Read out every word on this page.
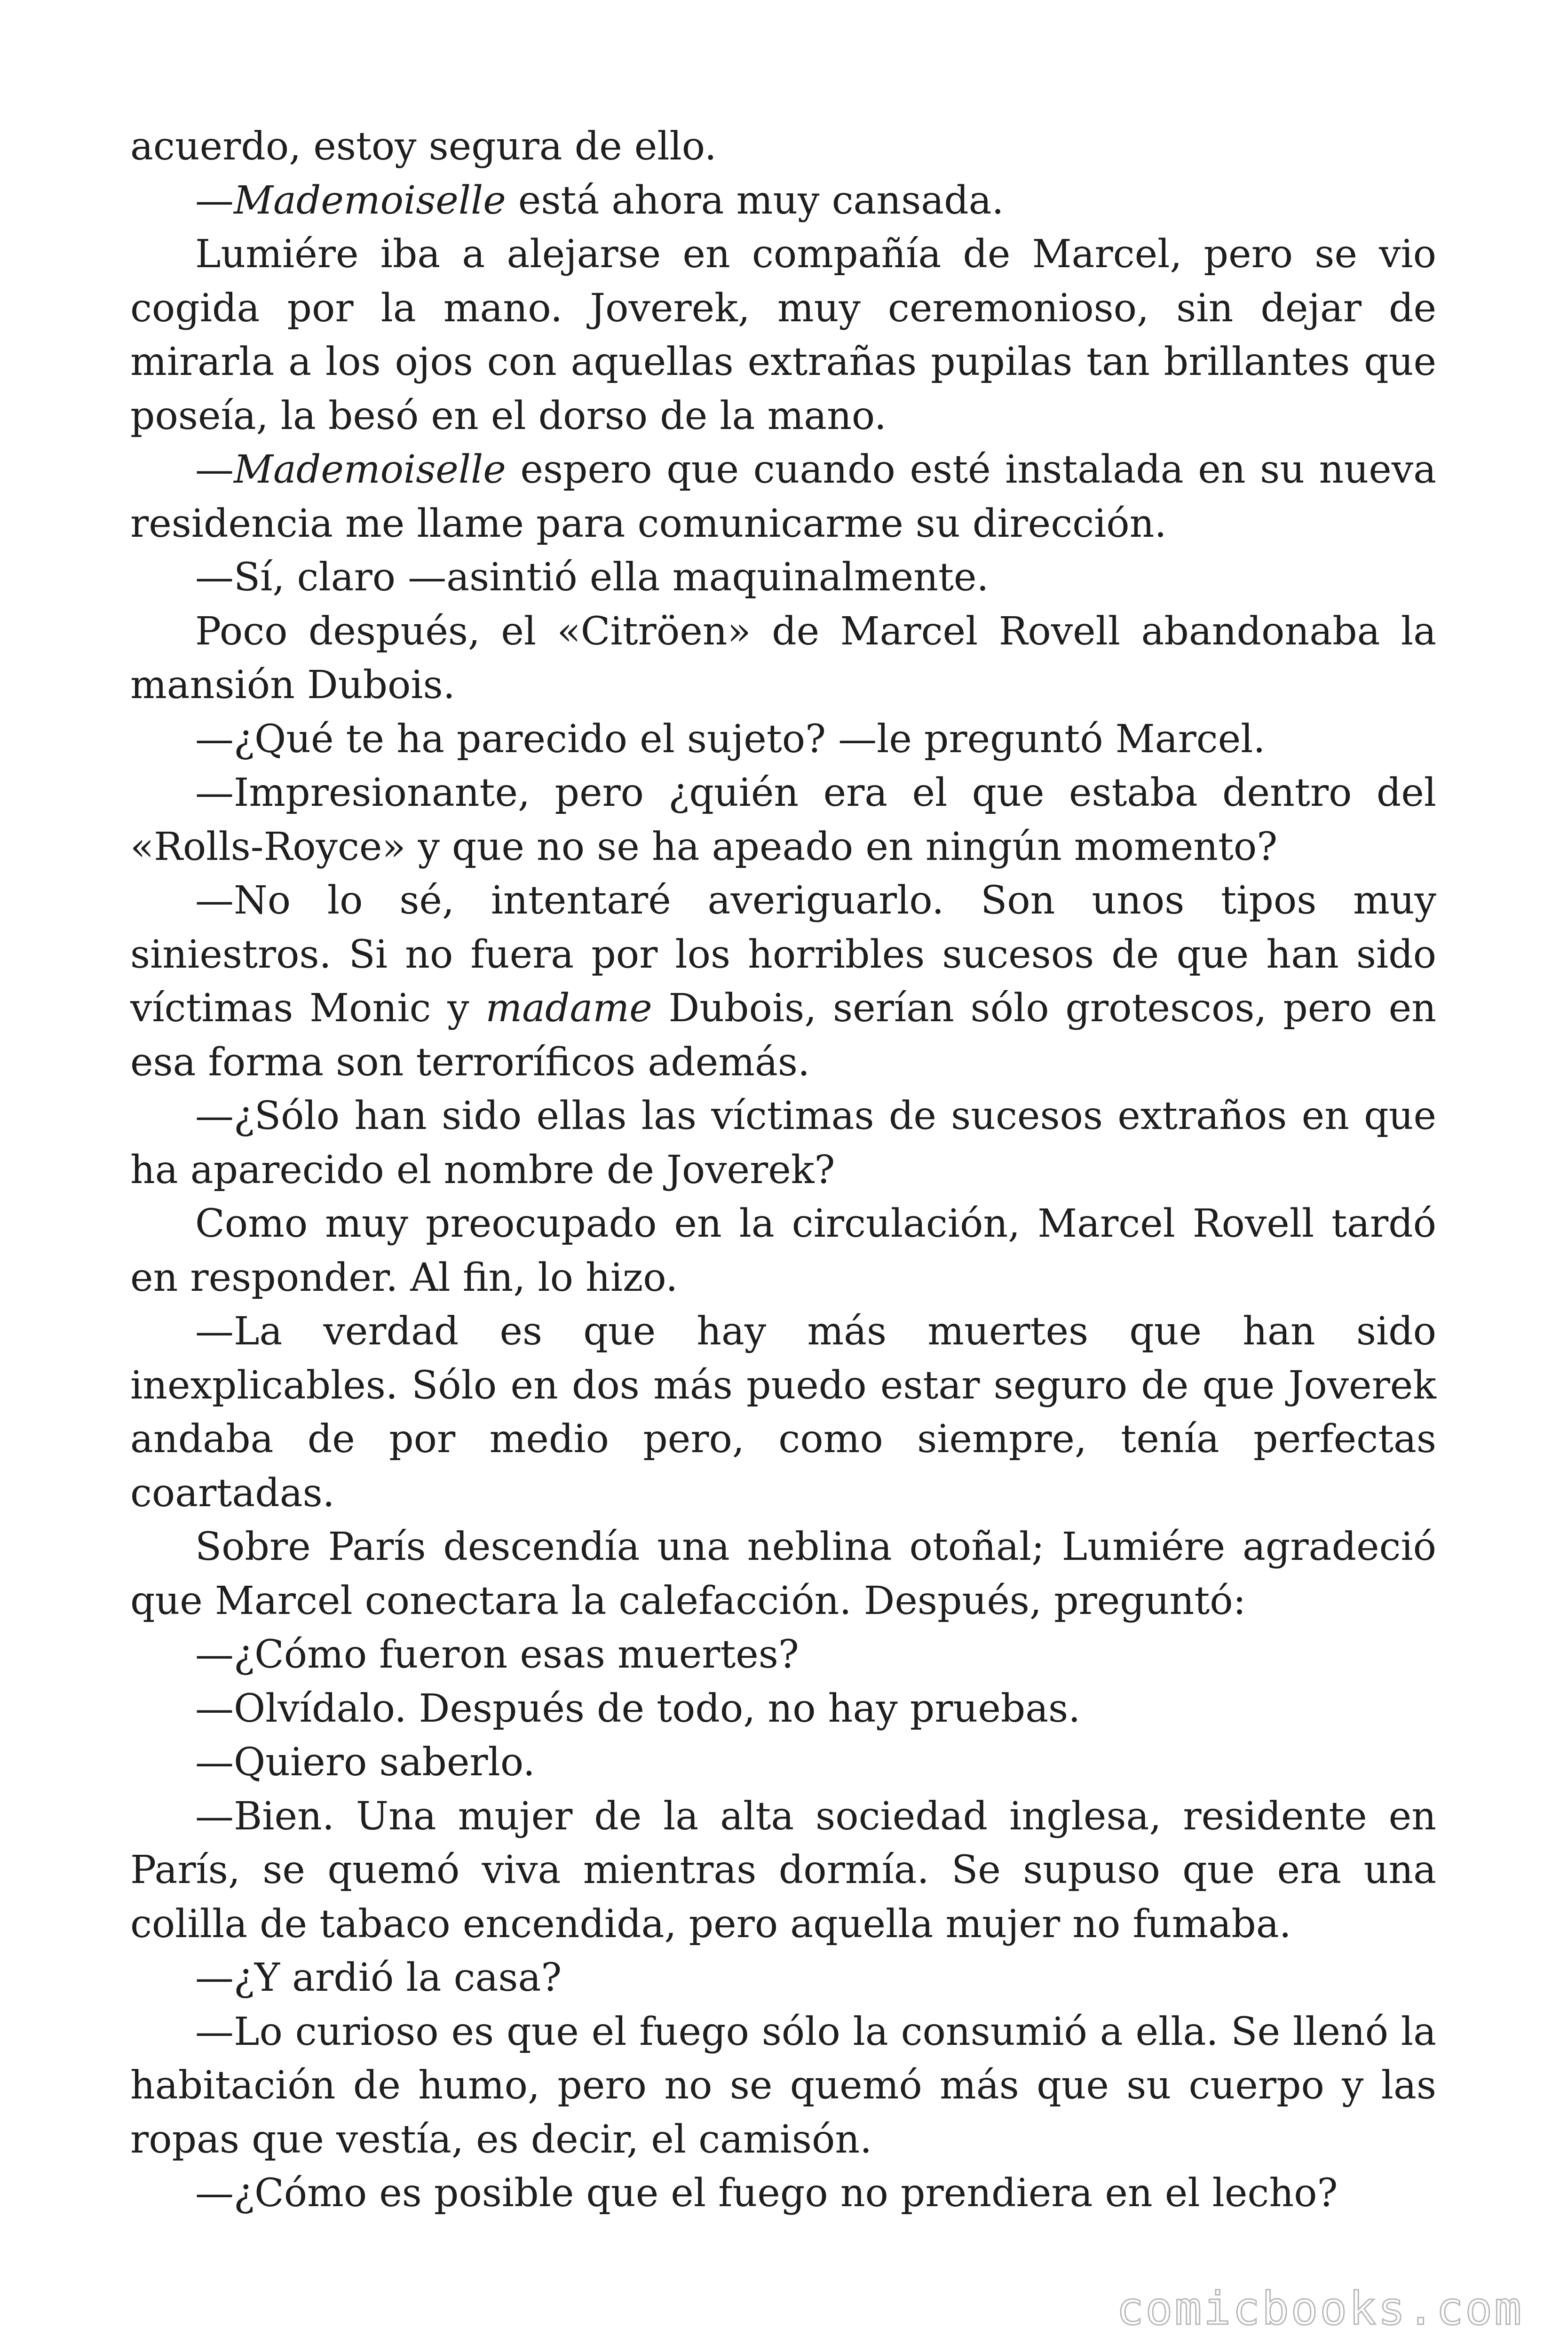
acuerdo, estoy segura de ello.

—Mademoiselle está ahora muy cansada.

Lumiére iba a alejarse en compañía de Marcel, pero se vio cogida por la mano. Joverek, muy ceremonioso, sin dejar de mirarla a los ojos con aquellas extrañas pupilas tan brillantes que poseía, la besó en el dorso de la mano.

—Mademoiselle espero que cuando esté instalada en su nueva residencia me llame para comunicarme su dirección.

—Sí, claro —asintió ella maquinalmente.

Poco después, el «Citröen» de Marcel Rovell abandonaba la mansión Dubois.

—¿Qué te ha parecido el sujeto? —le preguntó Marcel.

—Impresionante, pero ¿quién era el que estaba dentro del «Rolls-Royce» y que no se ha apeado en ningún momento?

—No lo sé, intentaré averiguarlo. Son unos tipos muy siniestros. Si no fuera por los horribles sucesos de que han sido víctimas Monic y madame Dubois, serían sólo grotescos, pero en esa forma son terroríficos además.

—¿Sólo han sido ellas las víctimas de sucesos extraños en que ha aparecido el nombre de Joverek?

Como muy preocupado en la circulación, Marcel Rovell tardó en responder. Al fin, lo hizo.

—La verdad es que hay más muertes que han sido inexplicables. Sólo en dos más puedo estar seguro de que Joverek andaba de por medio pero, como siempre, tenía perfectas coartadas.

Sobre París descendía una neblina otoñal; Lumiére agradeció que Marcel conectara la calefacción. Después, preguntó:

—¿Cómo fueron esas muertes?

—Olvídalo. Después de todo, no hay pruebas.

—Quiero saberlo.

—Bien. Una mujer de la alta sociedad inglesa, residente en París, se quemó viva mientras dormía. Se supuso que era una colilla de tabaco encendida, pero aquella mujer no fumaba.

—¿Y ardió la casa?

—Lo curioso es que el fuego sólo la consumió a ella. Se llenó la habitación de humo, pero no se quemó más que su cuerpo y las ropas que vestía, es decir, el camisón.

—¿Cómo es posible que el fuego no prendiera en el lecho?

comicbooks.com
